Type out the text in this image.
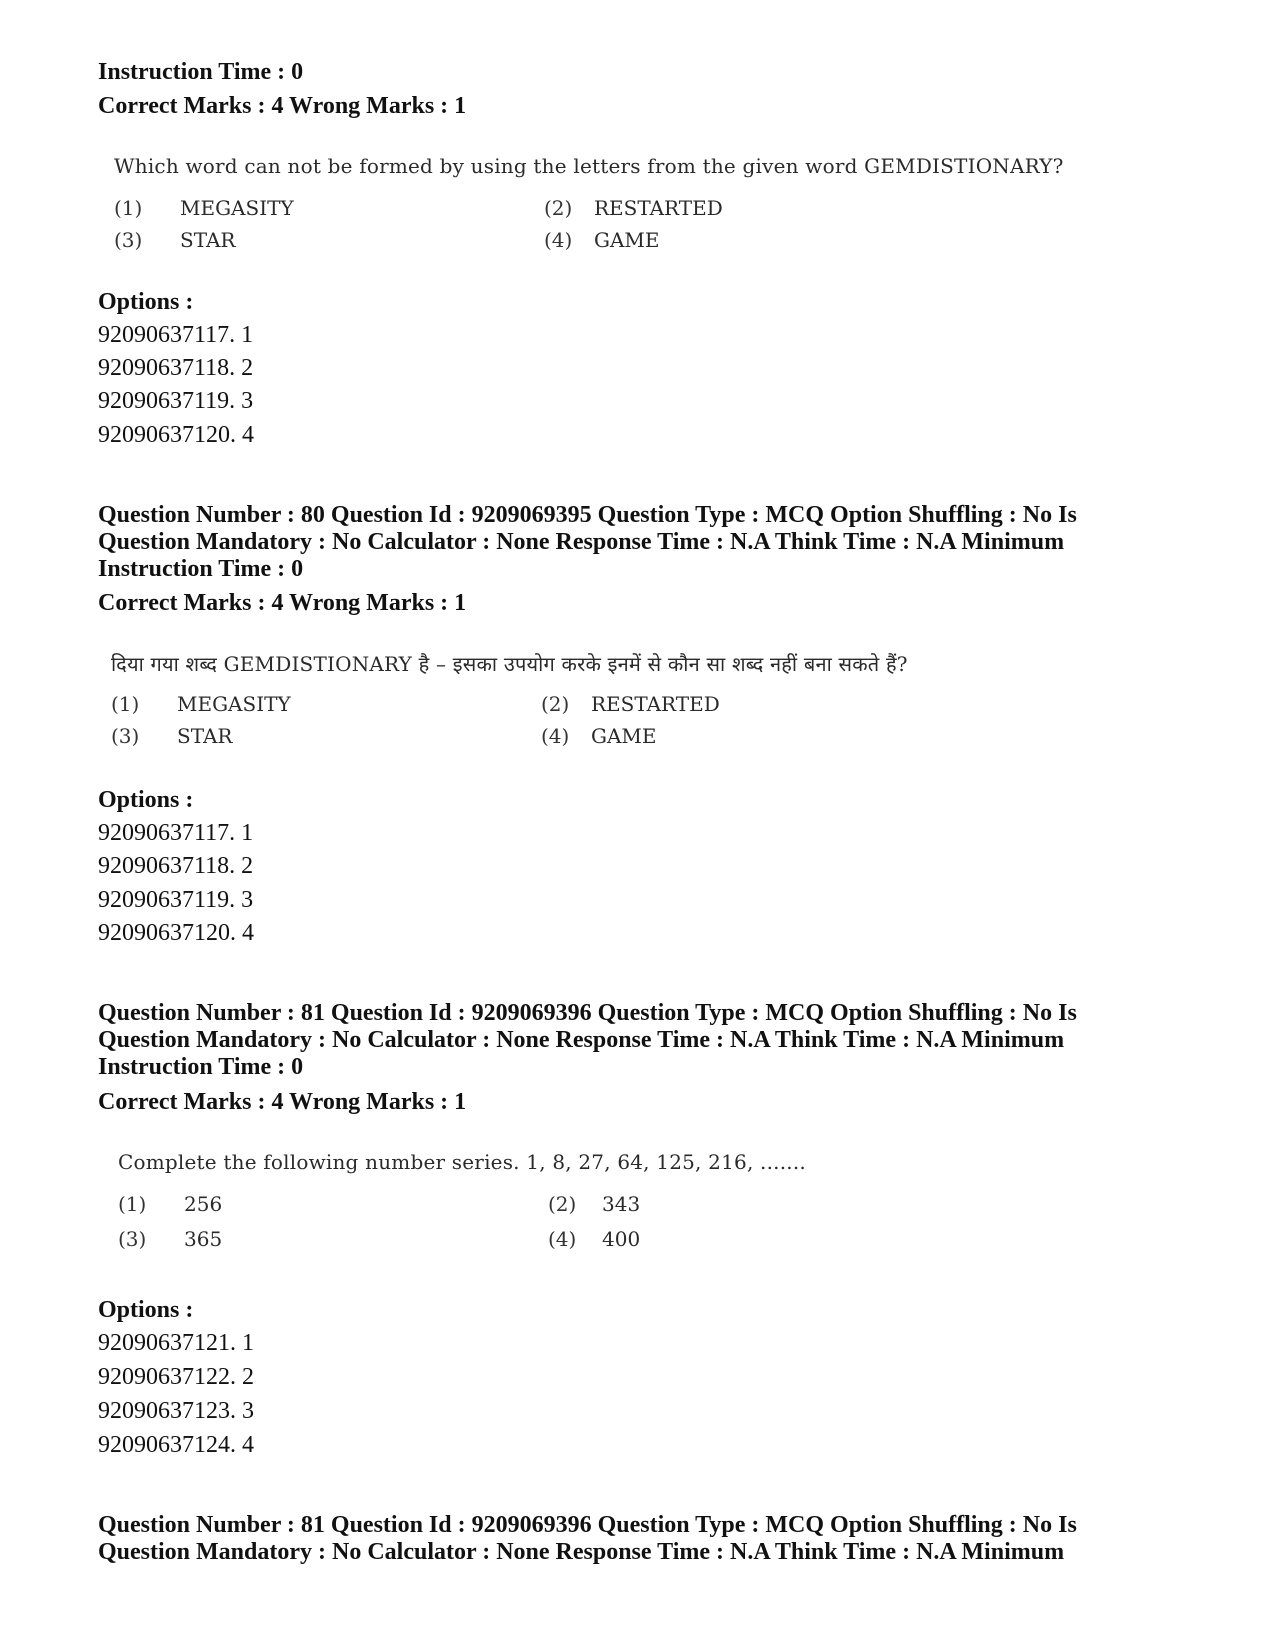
Instruction Time : 0
Correct Marks : 4 Wrong Marks : 1
Which word can not be formed by using the letters from the given word GEMDISTIONARY?
(1) MEGASITY	(2) RESTARTED
(3) STAR	(4) GAME
Options :
92090637117. 1
92090637118. 2
92090637119. 3
92090637120. 4
Question Number : 80 Question Id : 9209069395 Question Type : MCQ Option Shuffling : No Is
Question Mandatory : No Calculator : None Response Time : N.A Think Time : N.A Minimum
Instruction Time : 0
Correct Marks : 4 Wrong Marks : 1
दिया गया शब्द GEMDISTIONARY है – इसका उपयोग करके इनमें से कौन सा शब्द नहीं बना सकते हैं?
(1) MEGASITY	(2) RESTARTED
(3) STAR	(4) GAME
Options :
92090637117. 1
92090637118. 2
92090637119. 3
92090637120. 4
Question Number : 81 Question Id : 9209069396 Question Type : MCQ Option Shuffling : No Is
Question Mandatory : No Calculator : None Response Time : N.A Think Time : N.A Minimum
Instruction Time : 0
Correct Marks : 4 Wrong Marks : 1
Complete the following number series. 1, 8, 27, 64, 125, 216, .......
(1) 256	(2) 343
(3) 365	(4) 400
Options :
92090637121. 1
92090637122. 2
92090637123. 3
92090637124. 4
Question Number : 81 Question Id : 9209069396 Question Type : MCQ Option Shuffling : No Is
Question Mandatory : No Calculator : None Response Time : N.A Think Time : N.A Minimum
